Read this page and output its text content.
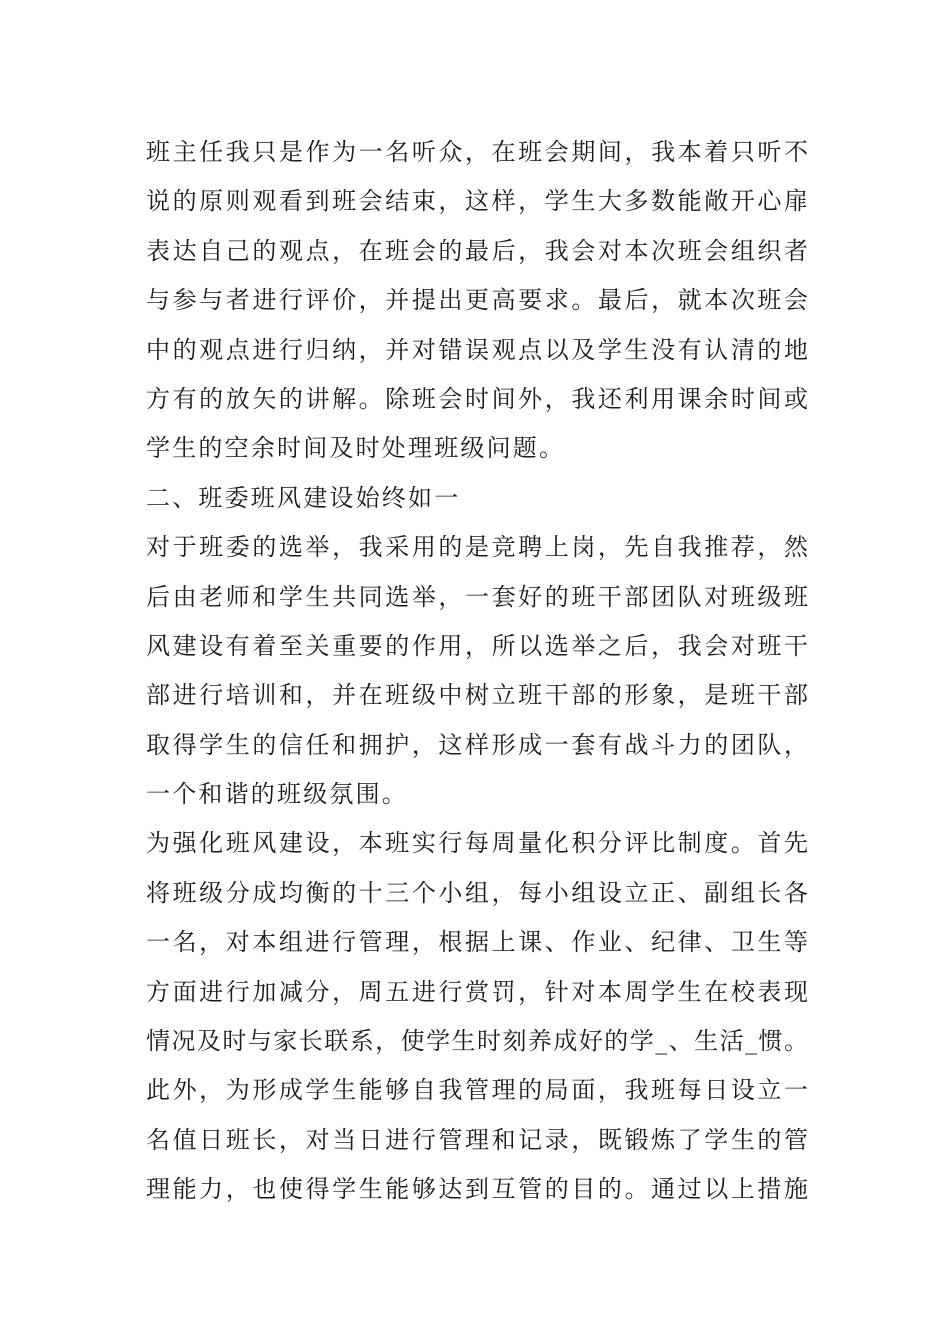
班主任我只是作为一名听众，在班会期间，我本着只听不
说的原则观看到班会结束，这样，学生大多数能敞开心扉
表达自己的观点，在班会的最后，我会对本次班会组织者
与参与者进行评价，并提出更高要求。最后，就本次班会
中的观点进行归纳，并对错误观点以及学生没有认清的地
方有的放矢的讲解。除班会时间外，我还利用课余时间或
学生的空余时间及时处理班级问题。
二、班委班风建设始终如一
对于班委的选举，我采用的是竞聘上岗，先自我推荐，然
后由老师和学生共同选举，一套好的班干部团队对班级班
风建设有着至关重要的作用，所以选举之后，我会对班干
部进行培训和，并在班级中树立班干部的形象，是班干部
取得学生的信任和拥护，这样形成一套有战斗力的团队，
一个和谐的班级氛围。
为强化班风建设，本班实行每周量化积分评比制度。首先
将班级分成均衡的十三个小组，每小组设立正、副组长各
一名，对本组进行管理，根据上课、作业、纪律、卫生等
方面进行加减分，周五进行赏罚，针对本周学生在校表现
情况及时与家长联系，使学生时刻养成好的学_、生活_惯。
此外，为形成学生能够自我管理的局面，我班每日设立一
名值日班长，对当日进行管理和记录，既锻炼了学生的管
理能力，也使得学生能够达到互管的目的。通过以上措施
